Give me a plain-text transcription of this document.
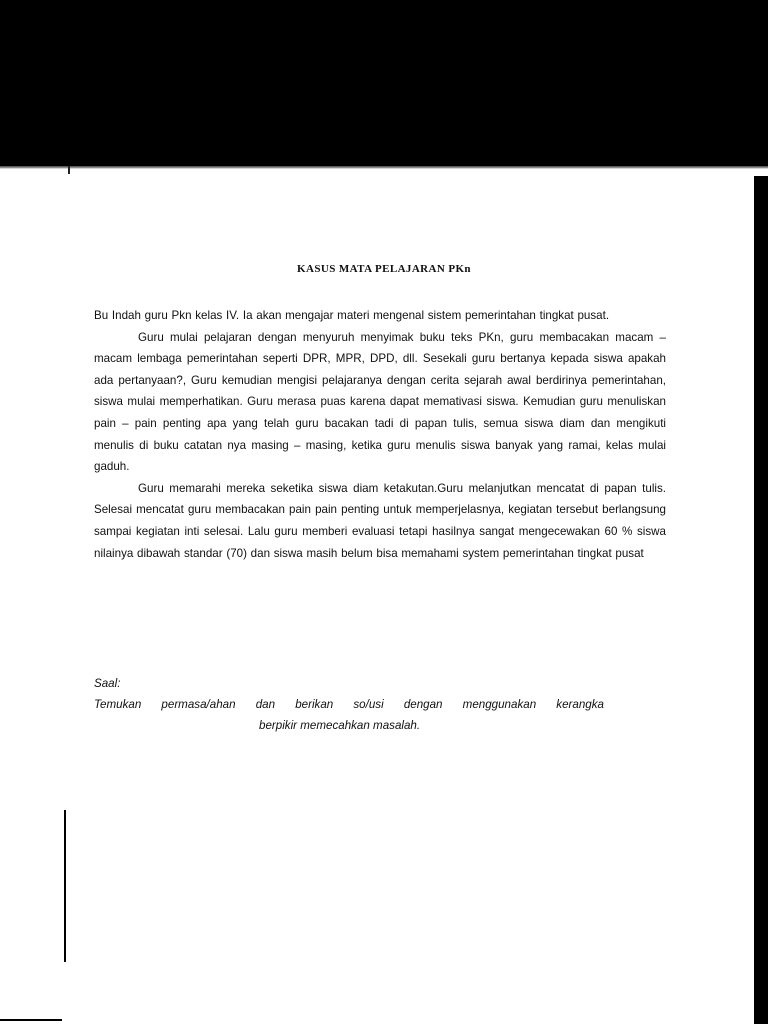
KASUS MATA PELAJARAN PKn

Bu Indah guru Pkn kelas IV. Ia akan mengajar materi mengenal sistem pemerintahan tingkat pusat.

Guru mulai pelajaran dengan menyuruh menyimak buku teks PKn, guru membacakan macam – macam lembaga pemerintahan seperti DPR, MPR, DPD, dll. Sesekali guru bertanya kepada siswa apakah ada pertanyaan?, Guru kemudian mengisi pelajaranya dengan cerita sejarah awal berdirinya pemerintahan, siswa mulai memperhatikan. Guru merasa puas karena dapat memativasi siswa. Kemudian guru menuliskan pain – pain penting apa yang telah guru bacakan tadi di papan tulis, semua siswa diam dan mengikuti menulis di buku catatan nya masing – masing, ketika guru menulis siswa banyak yang ramai, kelas mulai gaduh.

Guru memarahi mereka seketika siswa diam ketakutan.Guru melanjutkan mencatat di papan tulis. Selesai mencatat guru membacakan pain pain penting untuk memperjelasnya, kegiatan tersebut berlangsung sampai kegiatan inti selesai. Lalu guru memberi evaluasi tetapi hasilnya sangat mengecewakan 60 % siswa nilainya dibawah standar (70) dan siswa masih belum bisa memahami system pemerintahan tingkat pusat

Saal:
Temukan permasa/ahan dan berikan so/usi dengan menggunakan kerangka
berpikir memecahkan masalah.
